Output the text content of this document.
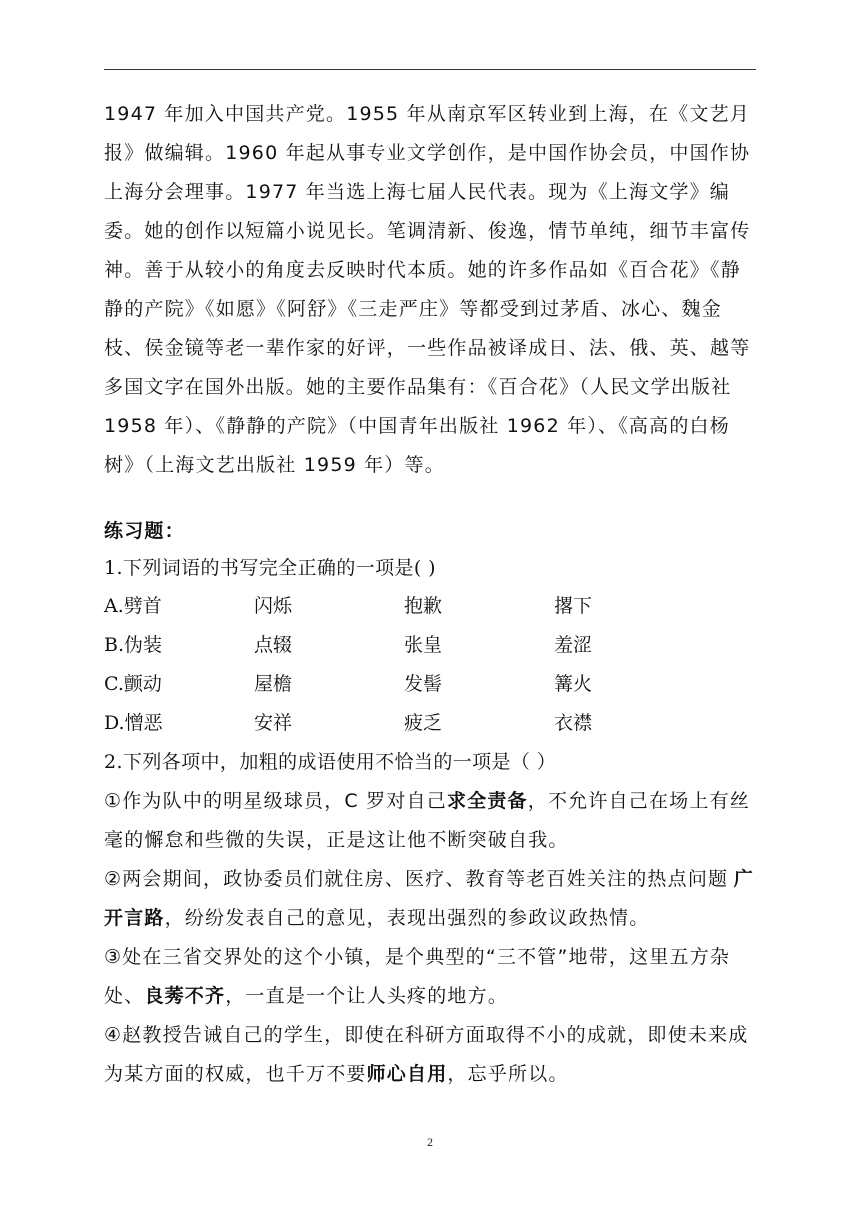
1947 年加入中国共产党。1955 年从南京军区转业到上海，在《文艺月
报》做编辑。1960 年起从事专业文学创作，是中国作协会员，中国作协
上海分会理事。1977 年当选上海七届人民代表。现为《上海文学》编
委。她的创作以短篇小说见长。笔调清新、俊逸，情节单纯，细节丰富传
神。善于从较小的角度去反映时代本质。她的许多作品如《百合花》《静
静的产院》《如愿》《阿舒》《三走严庄》等都受到过茅盾、冰心、魏金
枝、侯金镜等老一辈作家的好评，一些作品被译成日、法、俄、英、越等
多国文字在国外出版。她的主要作品集有：《百合花》（人民文学出版社
1958 年）、《静静的产院》（中国青年出版社 1962 年）、《高高的白杨
树》（上海文艺出版社 1959 年）等。
练习题：
1.下列词语的书写完全正确的一项是( )
A.劈首	闪烁	抱歉	撂下
B.伪装	点辍	张皇	羞涩
C.颤动	屋檐	发髻	篝火
D.憎恶	安祥	疲乏	衣襟
2.下列各项中，加粗的成语使用不恰当的一项是（ ）
①作为队中的明星级球员，C 罗对自己求全责备，不允许自己在场上有丝
毫的懈怠和些微的失误，正是这让他不断突破自我。
②两会期间，政协委员们就住房、医疗、教育等老百姓关注的热点问题 广
开言路，纷纷发表自己的意见，表现出强烈的参政议政热情。
③处在三省交界处的这个小镇，是个典型的“三不管”地带，这里五方杂
处、良莠不齐，一直是一个让人头疼的地方。
④赵教授告诫自己的学生，即使在科研方面取得不小的成就，即使未来成
为某方面的权威，也千万不要师心自用，忘乎所以。
2
